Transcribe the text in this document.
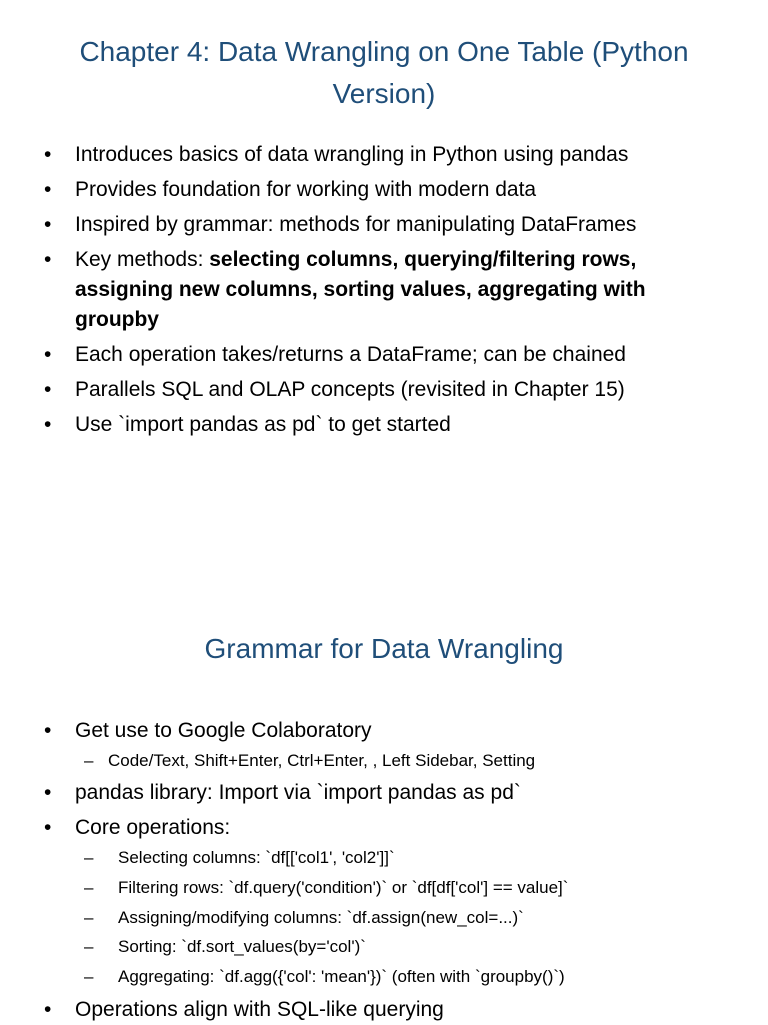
Chapter 4: Data Wrangling on One Table (Python Version)
• Introduces basics of data wrangling in Python using pandas
• Provides foundation for working with modern data
• Inspired by grammar: methods for manipulating DataFrames
• Key methods: selecting columns, querying/filtering rows, assigning new columns, sorting values, aggregating with groupby
• Each operation takes/returns a DataFrame; can be chained
• Parallels SQL and OLAP concepts (revisited in Chapter 15)
• Use `import pandas as pd` to get started
Grammar for Data Wrangling
• Get use to Google Colaboratory
– Code/Text, Shift+Enter, Ctrl+Enter, , Left Sidebar, Setting
• pandas library: Import via `import pandas as pd`
• Core operations:
– Selecting columns: `df[['col1', 'col2']]`
– Filtering rows: `df.query('condition')` or `df[df['col'] == value]`
– Assigning/modifying columns: `df.assign(new_col=...)`
– Sorting: `df.sort_values(by='col')`
– Aggregating: `df.agg({'col': 'mean'})` (often with `groupby()`)
• Operations align with SQL-like querying
